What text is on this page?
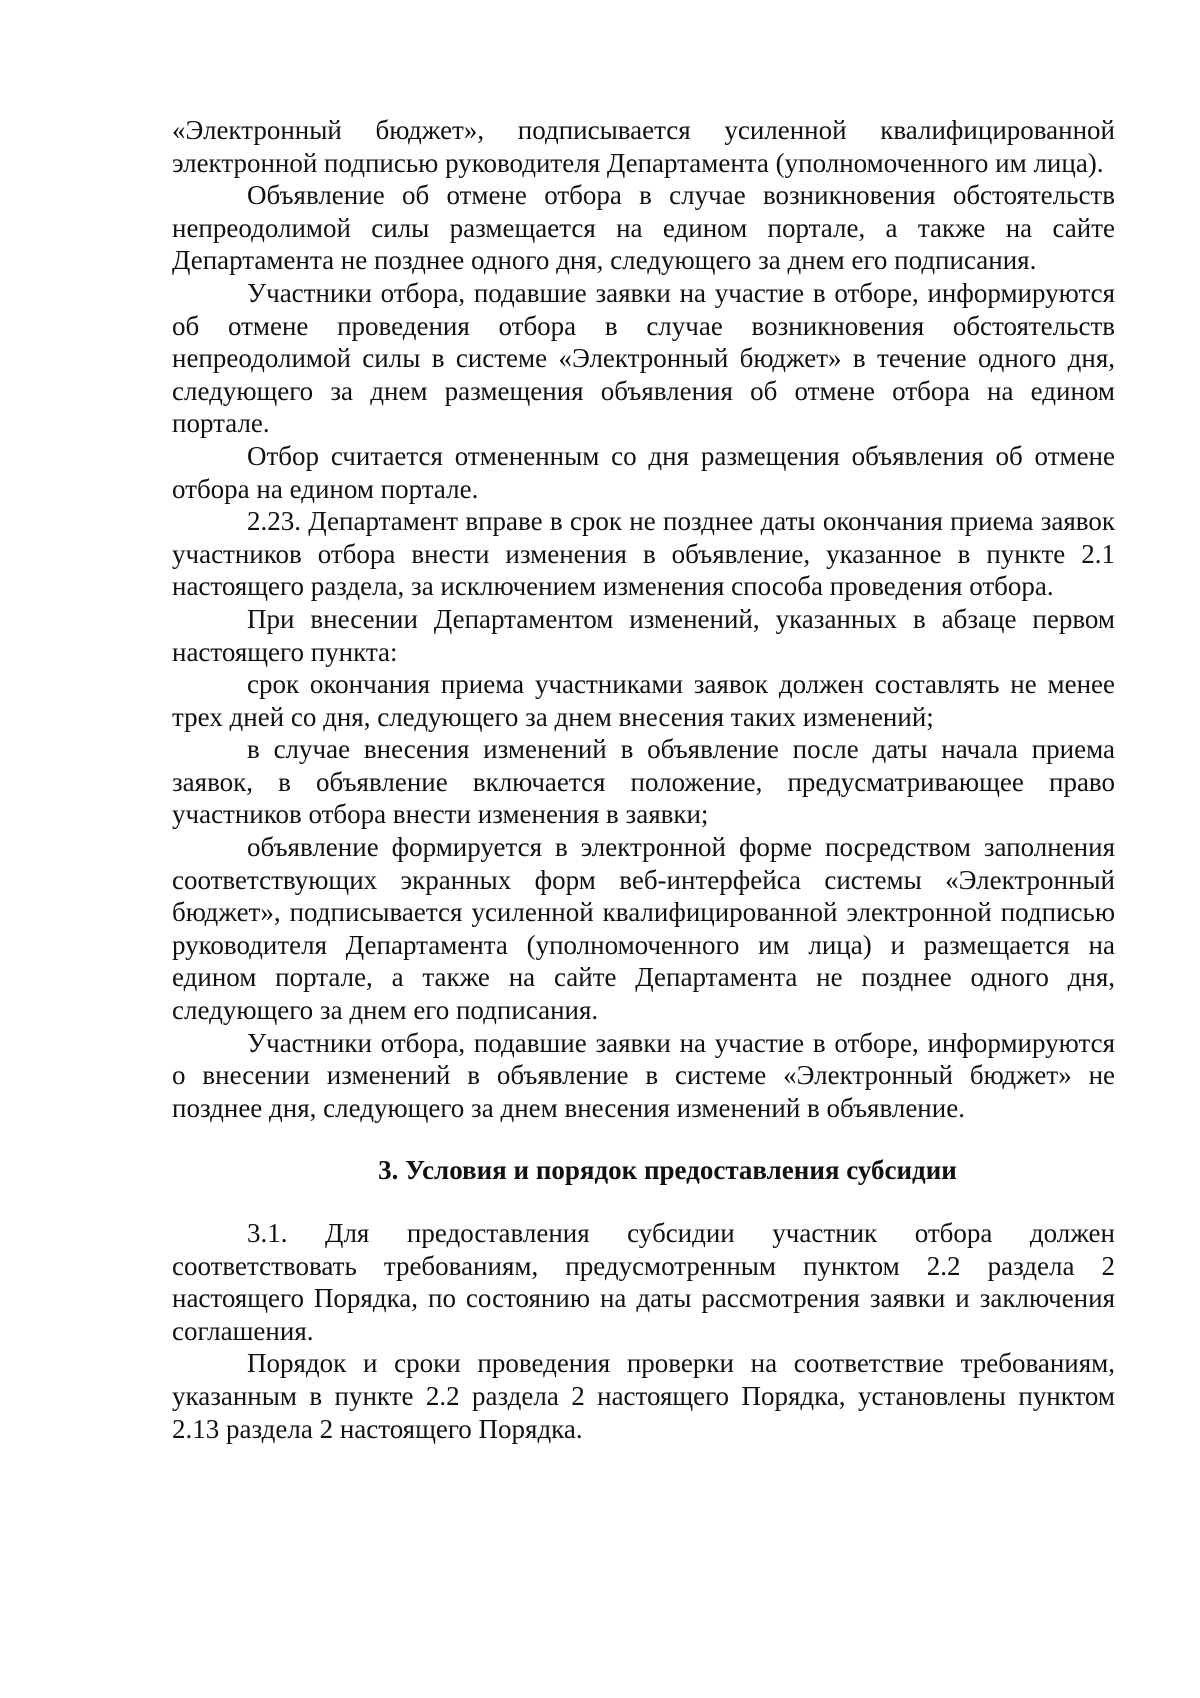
«Электронный бюджет», подписывается усиленной квалифицированной электронной подписью руководителя Департамента (уполномоченного им лица).

Объявление об отмене отбора в случае возникновения обстоятельств непреодолимой силы размещается на едином портале, а также на сайте Департамента не позднее одного дня, следующего за днем его подписания.

Участники отбора, подавшие заявки на участие в отборе, информируются об отмене проведения отбора в случае возникновения обстоятельств непреодолимой силы в системе «Электронный бюджет» в течение одного дня, следующего за днем размещения объявления об отмене отбора на едином портале.

Отбор считается отмененным со дня размещения объявления об отмене отбора на едином портале.

2.23. Департамент вправе в срок не позднее даты окончания приема заявок участников отбора внести изменения в объявление, указанное в пункте 2.1 настоящего раздела, за исключением изменения способа проведения отбора.

При внесении Департаментом изменений, указанных в абзаце первом настоящего пункта:

срок окончания приема участниками заявок должен составлять не менее трех дней со дня, следующего за днем внесения таких изменений;

в случае внесения изменений в объявление после даты начала приема заявок, в объявление включается положение, предусматривающее право участников отбора внести изменения в заявки;

объявление формируется в электронной форме посредством заполнения соответствующих экранных форм веб-интерфейса системы «Электронный бюджет», подписывается усиленной квалифицированной электронной подписью руководителя Департамента (уполномоченного им лица) и размещается на едином портале, а также на сайте Департамента не позднее одного дня, следующего за днем его подписания.

Участники отбора, подавшие заявки на участие в отборе, информируются о внесении изменений в объявление в системе «Электронный бюджет» не позднее дня, следующего за днем внесения изменений в объявление.

3. Условия и порядок предоставления субсидии

3.1. Для предоставления субсидии участник отбора должен соответствовать требованиям, предусмотренным пунктом 2.2 раздела 2 настоящего Порядка, по состоянию на даты рассмотрения заявки и заключения соглашения.

Порядок и сроки проведения проверки на соответствие требованиям, указанным в пункте 2.2 раздела 2 настоящего Порядка, установлены пунктом 2.13 раздела 2 настоящего Порядка.
